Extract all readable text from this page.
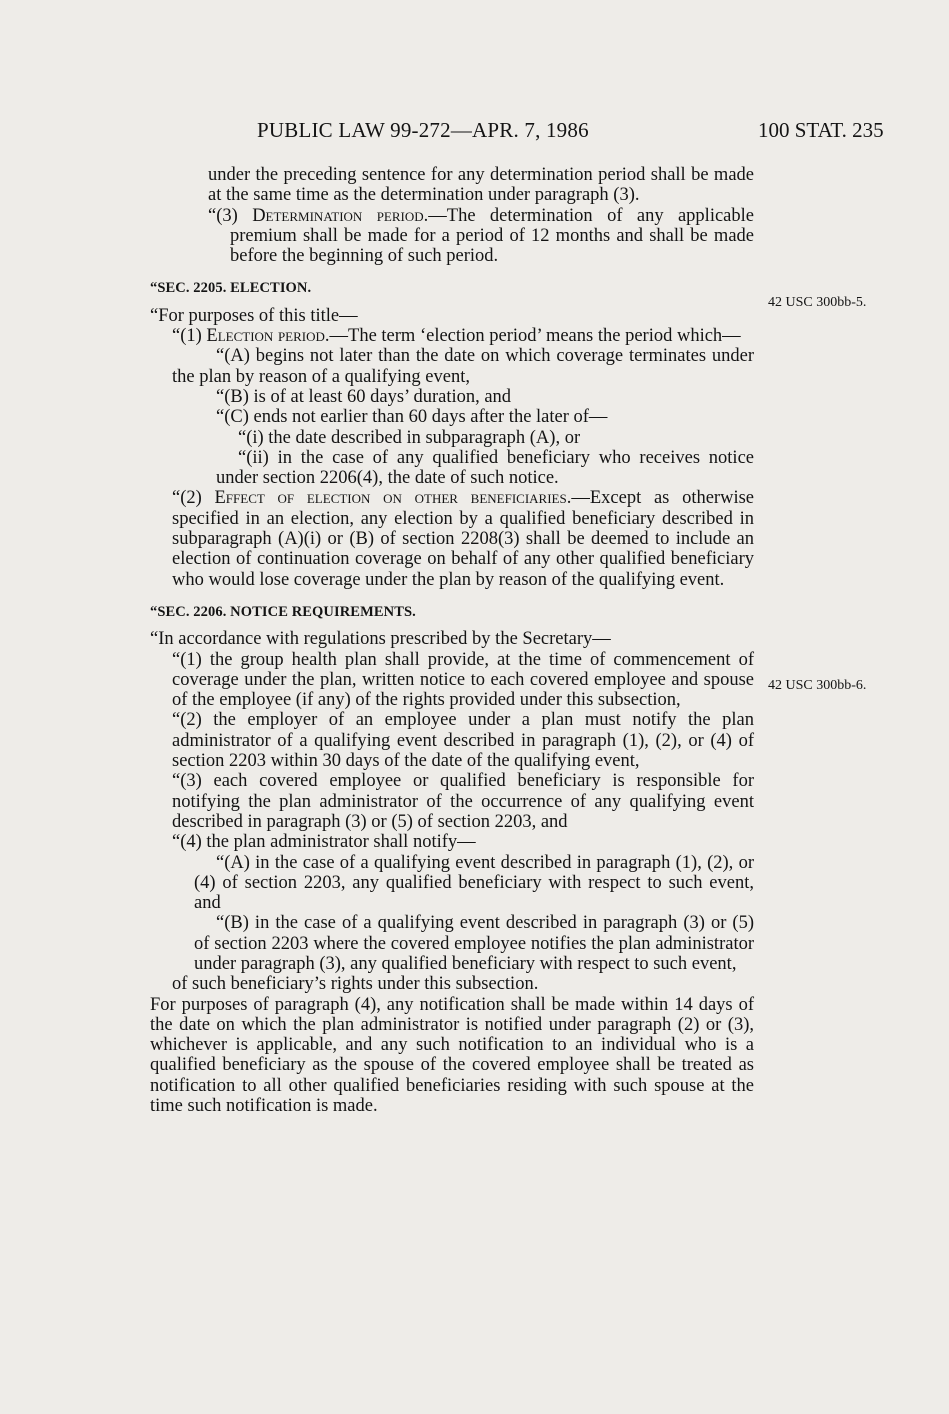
PUBLIC LAW 99-272—APR. 7, 1986	100 STAT. 235
42 USC 300bb-5.
42 USC 300bb-6.

under the preceding sentence for any determination period shall be made at the same time as the determination under paragraph (3).

“(3) Determination period.—The determination of any applicable premium shall be made for a period of 12 months and shall be made before the beginning of such period.

“SEC. 2205. ELECTION.

“For purposes of this title—

“(1) Election period.—The term ‘election period’ means the period which—

“(A) begins not later than the date on which coverage terminates under the plan by reason of a qualifying event,

“(B) is of at least 60 days’ duration, and

“(C) ends not earlier than 60 days after the later of—

“(i) the date described in subparagraph (A), or

“(ii) in the case of any qualified beneficiary who receives notice under section 2206(4), the date of such notice.

“(2) Effect of election on other beneficiaries.—Except as otherwise specified in an election, any election by a qualified beneficiary described in subparagraph (A)(i) or (B) of section 2208(3) shall be deemed to include an election of continuation coverage on behalf of any other qualified beneficiary who would lose coverage under the plan by reason of the qualifying event.

“SEC. 2206. NOTICE REQUIREMENTS.

“In accordance with regulations prescribed by the Secretary—

“(1) the group health plan shall provide, at the time of commencement of coverage under the plan, written notice to each covered employee and spouse of the employee (if any) of the rights provided under this subsection,

“(2) the employer of an employee under a plan must notify the plan administrator of a qualifying event described in paragraph (1), (2), or (4) of section 2203 within 30 days of the date of the qualifying event,

“(3) each covered employee or qualified beneficiary is responsible for notifying the plan administrator of the occurrence of any qualifying event described in paragraph (3) or (5) of section 2203, and

“(4) the plan administrator shall notify—

“(A) in the case of a qualifying event described in paragraph (1), (2), or (4) of section 2203, any qualified beneficiary with respect to such event, and

“(B) in the case of a qualifying event described in paragraph (3) or (5) of section 2203 where the covered employee notifies the plan administrator under paragraph (3), any qualified beneficiary with respect to such event,

of such beneficiary’s rights under this subsection.

For purposes of paragraph (4), any notification shall be made within 14 days of the date on which the plan administrator is notified under paragraph (2) or (3), whichever is applicable, and any such notification to an individual who is a qualified beneficiary as the spouse of the covered employee shall be treated as notification to all other qualified beneficiaries residing with such spouse at the time such notification is made.
